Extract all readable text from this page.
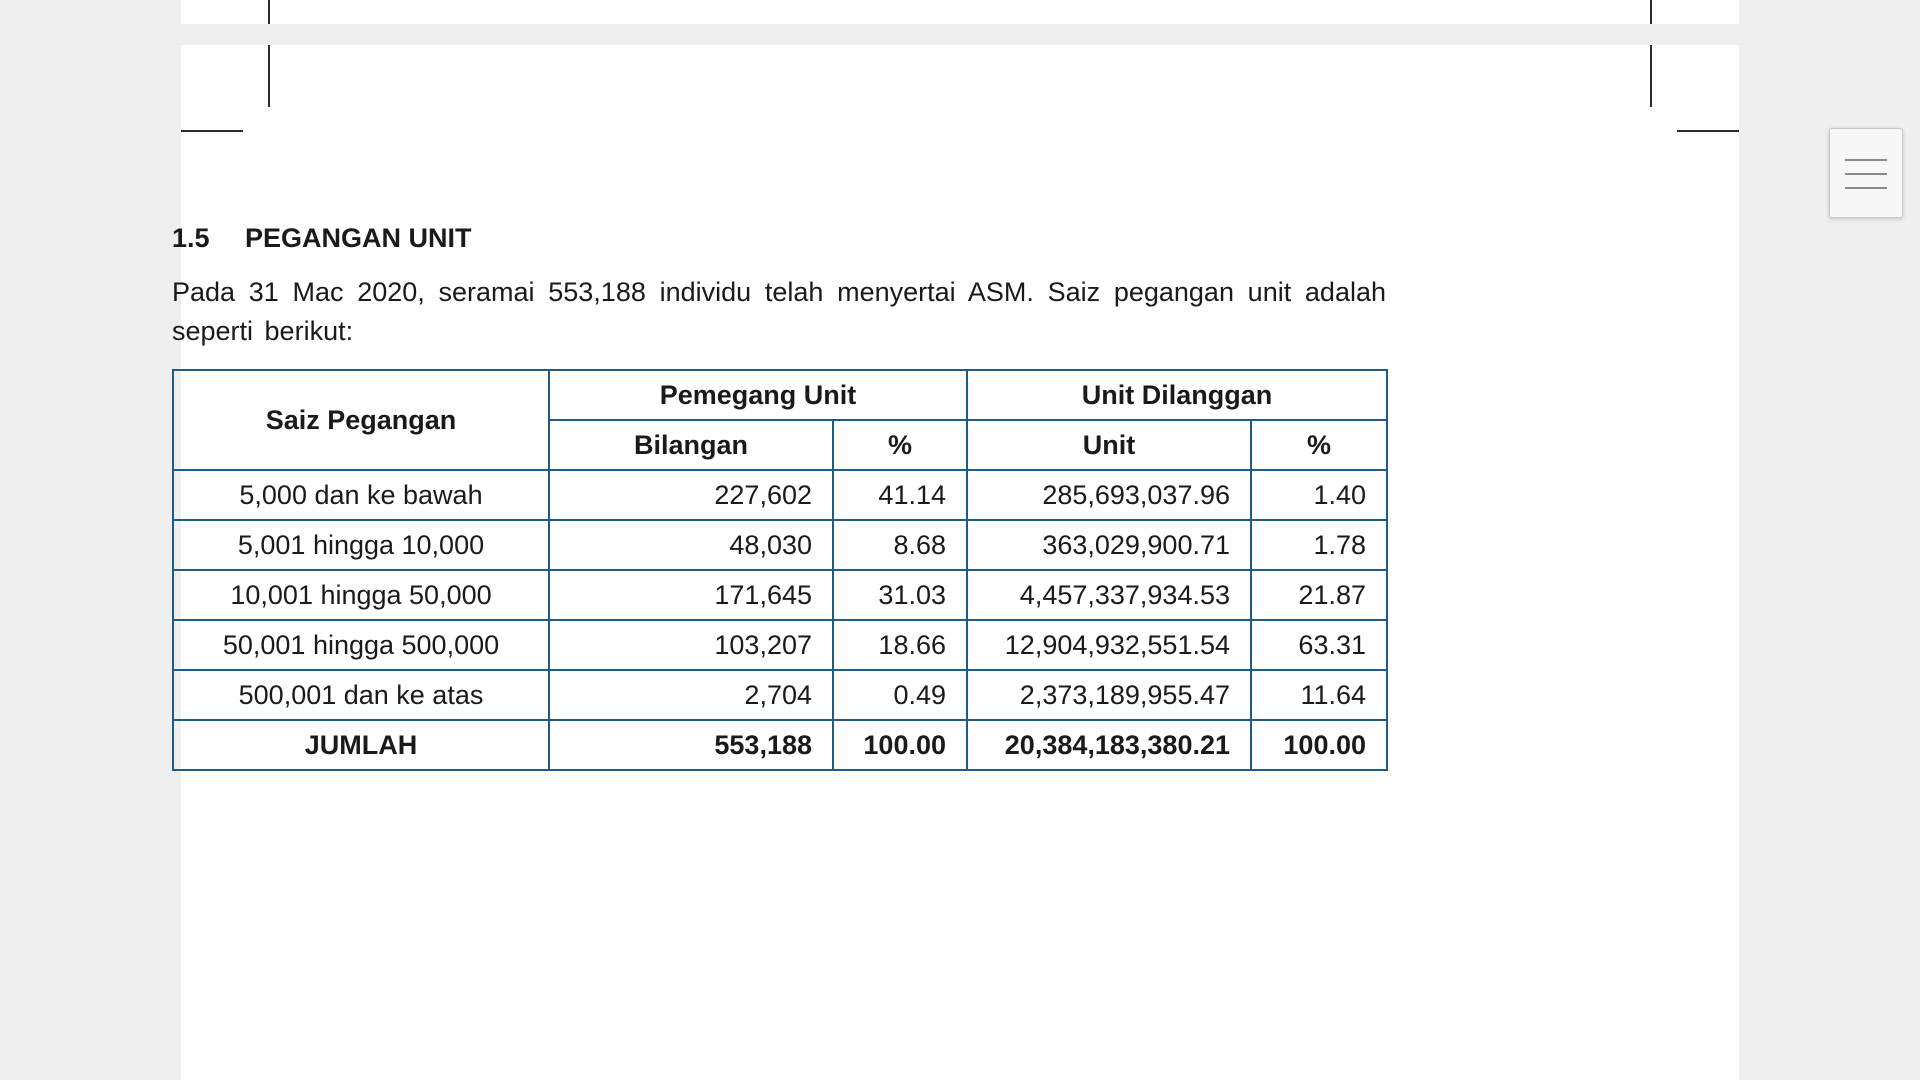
1.5	PEGANGAN UNIT

Pada 31 Mac 2020, seramai 553,188 individu telah menyertai ASM. Saiz pegangan unit adalah seperti berikut:

Saiz Pegangan	Pemegang Unit		Unit Dilanggan	
	Bilangan	%	Unit	%
5,000 dan ke bawah	227,602	41.14	285,693,037.96	1.40
5,001 hingga 10,000	48,030	8.68	363,029,900.71	1.78
10,001 hingga 50,000	171,645	31.03	4,457,337,934.53	21.87
50,001 hingga 500,000	103,207	18.66	12,904,932,551.54	63.31
500,001 dan ke atas	2,704	0.49	2,373,189,955.47	11.64
JUMLAH	553,188	100.00	20,384,183,380.21	100.00
